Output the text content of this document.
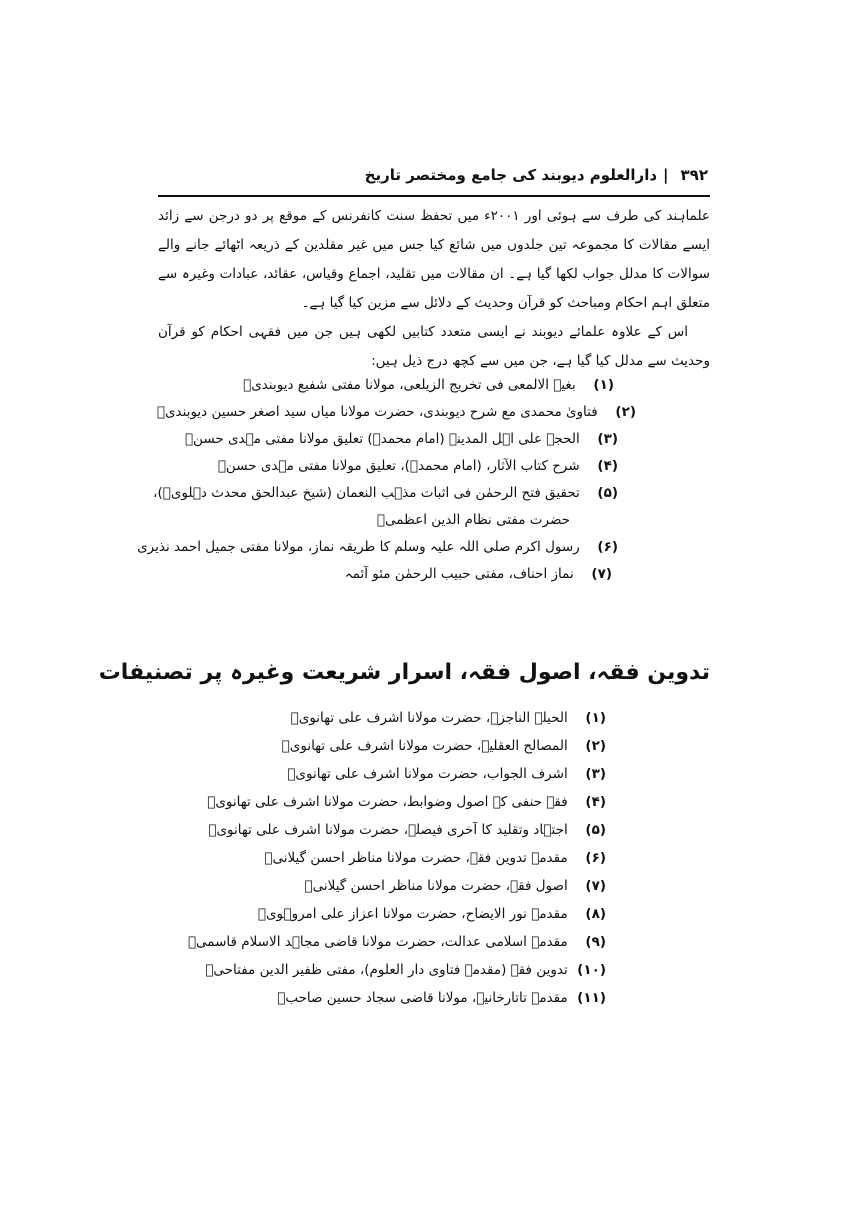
۳۹۲
|
دارالعلوم دیوبند کی جامع ومختصر تاریخ

علماہند کی طرف سے ہوئی اور ۲۰۰۱ء میں تحفظ سنت کانفرنس کے موقع پر دو درجن سے زائد ایسے مقالات کا مجموعہ تین جلدوں میں شائع کیا جس میں غیر مقلدین کے ذریعہ اٹھائے جانے والے سوالات کا مدلل جواب لکھا گیا ہے۔ ان مقالات میں تقلید، اجماع وقیاس، عقائد، عبادات وغیرہ سے متعلق اہم احکام ومباحث کو قرآن وحدیث کے دلائل سے مزین کیا گیا ہے۔

اس کے علاوہ علمائے دیوبند نے ایسی متعدد کتابیں لکھی ہیں جن میں فقہی احکام کو قرآن وحدیث سے مدلل کیا گیا ہے، جن میں سے کچھ درج ذیل ہیں:

(۱) بغیۃ الالمعی فی تخریج الزیلعی، مولانا مفتی شفیع دیوبندیؒ
(۲) فتاویٰ محمدی مع شرح دیوبندی، حضرت مولانا میاں سید اصغر حسین دیوبندیؒ
(۳) الحجۃ علی اہل المدینۃ (امام محمدؒ) تعلیق مولانا مفتی مہدی حسنؒ
(۴) شرح کتاب الآثار، (امام محمدؒ)، تعلیق مولانا مفتی مہدی حسنؒ
(۵) تحقیق فتح الرحمٰن فی اثبات مذہب النعمان (شیخ عبدالحق محدث دہلویؒ)،
حضرت مفتی نظام الدین اعظمیؒ
(۶) رسول اکرم صلی اللہ علیہ وسلم کا طریقہ نماز، مولانا مفتی جمیل احمد نذیری
(۷) نماز احناف، مفتی حبیب الرحمٰن مئو آئمہ
تدوین فقہ، اصول فقہ، اسرار شریعت وغیرہ پر تصنیفات
(۱) الحیلۃ الناجزہ، حضرت مولانا اشرف علی تھانویؒ
(۲) المصالح العقلیہ، حضرت مولانا اشرف علی تھانویؒ
(۳) اشرف الجواب، حضرت مولانا اشرف علی تھانویؒ
(۴) فقہ حنفی کے اصول وضوابط، حضرت مولانا اشرف علی تھانویؒ
(۵) اجتہاد وتقلید کا آخری فیصلہ، حضرت مولانا اشرف علی تھانویؒ
(۶) مقدمۂ تدوین فقہ، حضرت مولانا مناظر احسن گیلانیؒ
(۷) اصول فقہ، حضرت مولانا مناظر احسن گیلانیؒ
(۸) مقدمۂ نور الایضاح، حضرت مولانا اعزاز علی امروہویؒ
(۹) مقدمہ اسلامی عدالت، حضرت مولانا قاضی مجاہد الاسلام قاسمیؒ
(۱۰) تدوین فقہ (مقدمہ فتاوی دار العلوم)، مفتی ظفیر الدین مفتاحیؒ
(۱۱) مقدمۂ تاتارخانیہ، مولانا قاضی سجاد حسین صاحبؒ
